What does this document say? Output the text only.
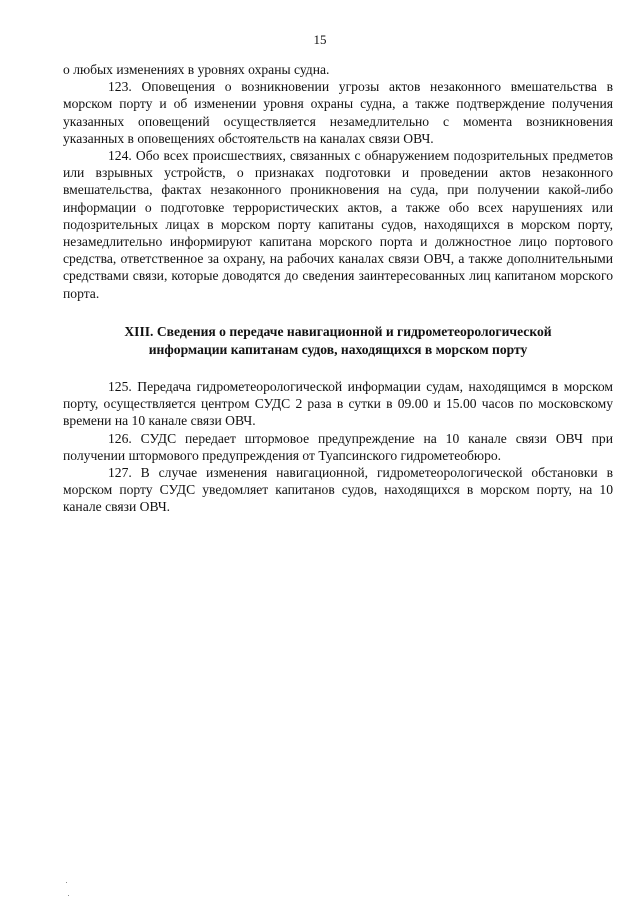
15

о любых изменениях в уровнях охраны судна.

123. Оповещения о возникновении угрозы актов незаконного вмешательства в морском порту и об изменении уровня охраны судна, а также подтверждение получения указанных оповещений осуществляется незамедлительно с момента возникновения указанных в оповещениях обстоятельств на каналах связи ОВЧ.

124. Обо всех происшествиях, связанных с обнаружением подозрительных предметов или взрывных устройств, о признаках подготовки и проведении актов незаконного вмешательства, фактах незаконного проникновения на суда, при получении какой-либо информации о подготовке террористических актов, а также обо всех нарушениях или подозрительных лицах в морском порту капитаны судов, находящихся в морском порту, незамедлительно информируют капитана морского порта и должностное лицо портового средства, ответственное за охрану, на рабочих каналах связи ОВЧ, а также дополнительными средствами связи, которые доводятся до сведения заинтересованных лиц капитаном морского порта.

XIII. Сведения о передаче навигационной и гидрометеорологической
информации капитанам судов, находящихся в морском порту

125. Передача гидрометеорологической информации судам, находящимся в морском порту, осуществляется центром СУДС 2 раза в сутки в 09.00 и 15.00 часов по московскому времени на 10 канале связи ОВЧ.

126. СУДС передает штормовое предупреждение на 10 канале связи ОВЧ при получении штормового предупреждения от Туапсинского гидрометеобюро.

127. В случае изменения навигационной, гидрометеорологической обстановки в морском порту СУДС уведомляет капитанов судов, находящихся в морском порту, на 10 канале связи ОВЧ.
